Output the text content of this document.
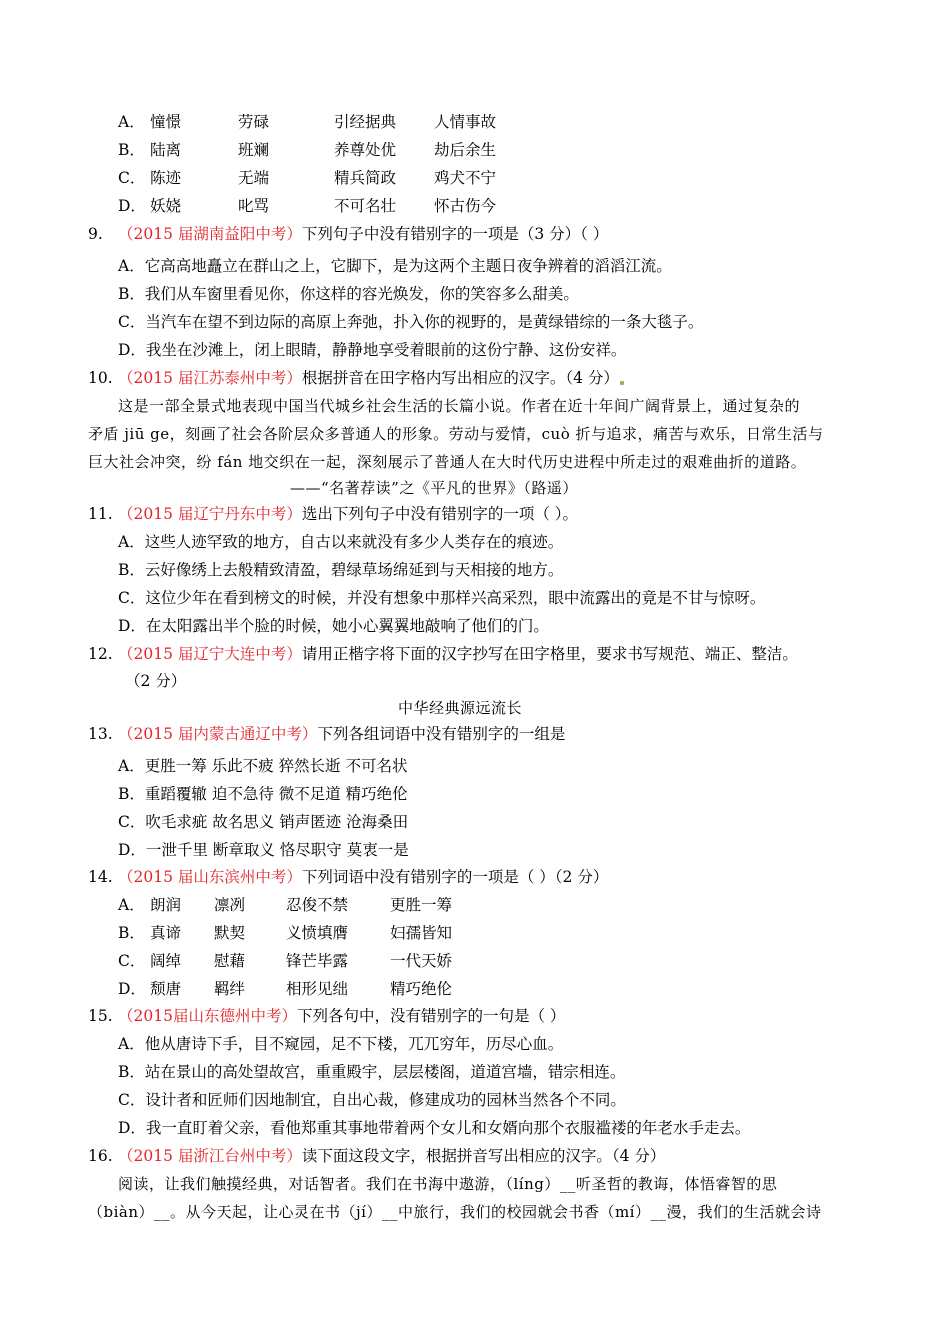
A． 憧憬	劳碌	引经据典 人情事故
B． 陆离	班斓	养尊处优 劫后余生
C． 陈迹	无端	精兵简政 鸡犬不宁
D． 妖娆	叱骂	不可名壮 怀古伤今
9. （2015 届湖南益阳中考）下列句子中没有错别字的一项是（3 分）（ ）
A．它高高地矗立在群山之上，它脚下，是为这两个主题日夜争辨着的滔滔江流。
B．我们从车窗里看见你，你这样的容光焕发，你的笑容多么甜美。
C．当汽车在望不到边际的高原上奔弛，扑入你的视野的，是黄绿错综的一条大毯子。
D．我坐在沙滩上，闭上眼睛，静静地享受着眼前的这份宁静、这份安祥。
10. （2015 届江苏泰州中考）根据拼音在田字格内写出相应的汉字。（4 分）
这是一部全景式地表现中国当代城乡社会生活的长篇小说。作者在近十年间广阔背景上，通过复杂的
矛盾 jiū ge，刻画了社会各阶层众多普通人的形象。劳动与爱情，cuò 折与追求，痛苦与欢乐，日常生活与
巨大社会冲突，纷 fán 地交织在一起，深刻展示了普通人在大时代历史进程中所走过的艰难曲折的道路。
——“名著荐读”之《平凡的世界》（路遥）
11. （2015 届辽宁丹东中考）选出下列句子中没有错别字的一项（ ）。
A．这些人迹罕致的地方，自古以来就没有多少人类存在的痕迹。
B．云好像绣上去般精致清盈，碧绿草场绵延到与天相接的地方。
C．这位少年在看到榜文的时候，并没有想象中那样兴高采烈，眼中流露出的竟是不甘与惊呀。
D．在太阳露出半个脸的时候，她小心翼翼地敲响了他们的门。
12. （2015 届辽宁大连中考）请用正楷字将下面的汉字抄写在田字格里，要求书写规范、端正、整洁。
（2 分）
中华经典源远流长
13. （2015 届内蒙古通辽中考）下列各组词语中没有错别字的一组是
A．更胜一筹 乐此不疲 猝然长逝 不可名状
B．重蹈覆辙 迫不急待 微不足道 精巧绝伦
C．吹毛求疵 故名思义 销声匿迹 沧海桑田
D．一泄千里 断章取义 恪尽职守 莫衷一是
14. （2015 届山东滨州中考）下列词语中没有错别字的一项是（ ）（2 分）
A． 朗润 凛冽	忍俊不禁	更胜一筹
B． 真谛 默契	义愤填膺	妇孺皆知
C． 阔绰 慰藉	锋芒毕露	一代天娇
D． 颓唐 羁绊	相形见绌	精巧绝伦
15. （2015届山东德州中考）下列各句中，没有错别字的一句是（ ）
A．他从唐诗下手，目不窥园，足不下楼，兀兀穷年，历尽心血。
B．站在景山的高处望故宫，重重殿宇，层层楼阁，道道宫墙，错宗相连。
C．设计者和匠师们因地制宜，自出心裁，修建成功的园林当然各个不同。
D．我一直盯着父亲，看他郑重其事地带着两个女儿和女婿向那个衣服褴褛的年老水手走去。
16. （2015 届浙江台州中考）读下面这段文字，根据拼音写出相应的汉字。（4 分）
阅读，让我们触摸经典，对话智者。我们在书海中遨游，（líng）__听圣哲的教诲，体悟睿智的思
（biàn）__。从今天起，让心灵在书（jí）__中旅行，我们的校园就会书香（mí）__漫，我们的生活就会诗
